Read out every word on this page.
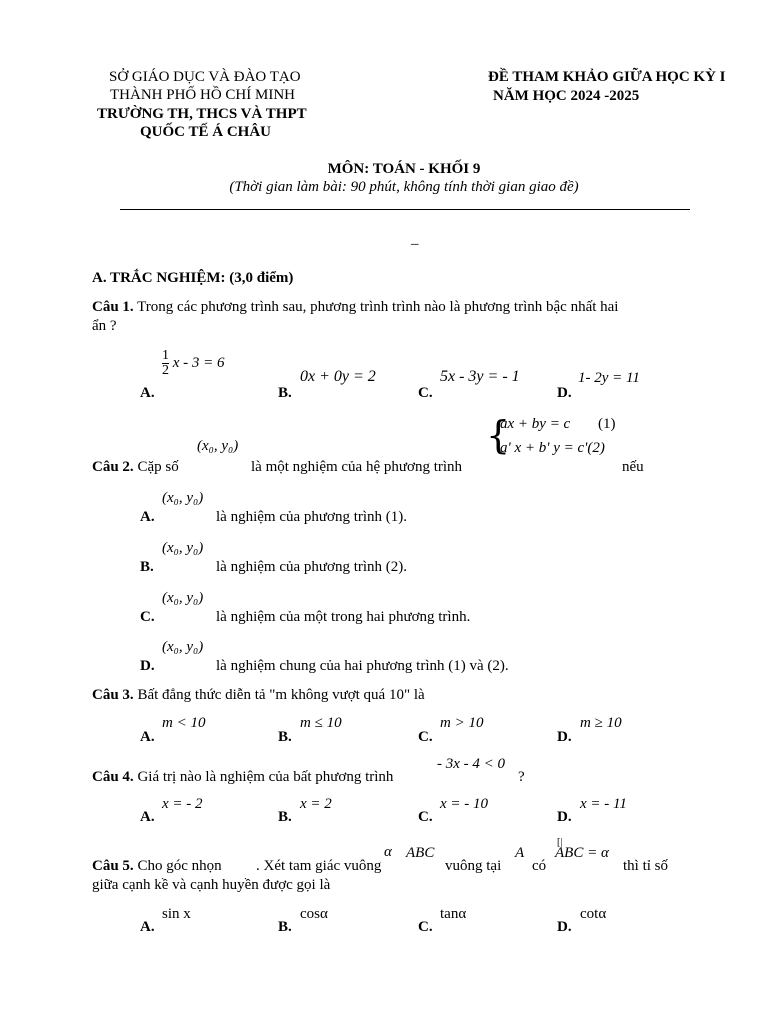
SỞ GIÁO DỤC VÀ ĐÀO TẠO
THÀNH PHỐ HỒ CHÍ MINH
TRƯỜNG TH, THCS VÀ THPT
QUỐC TẾ Á CHÂU
ĐỀ THAM KHẢO GIỮA HỌC KỲ I
NĂM HỌC 2024 -2025
MÔN: TOÁN - KHỐI 9
(Thời gian làm bài: 90 phút, không tính thời gian giao đề)
–
A. TRẮC NGHIỆM: (3,0 điểm)
Câu 1. Trong các phương trình sau, phương trình trình nào là phương trình bậc nhất hai
ẩn ?
$\frac{1}{2}$ x - 3 = 6
A.
0x + 0y = 2
B.
5x - 3y = - 1
C.
1- 2y = 11
D.
(x₀, y₀)	{
ax + by = c (1)
a' x + b' y = c'(2)
Câu 2. Cặp số	là một nghiệm của hệ phương trình	nếu
(x₀, y₀)
A.	là nghiệm của phương trình (1).
(x₀, y₀)
B.	là nghiệm của phương trình (2).
(x₀, y₀)
C.	là nghiệm của một trong hai phương trình.
(x₀, y₀)
D.	là nghiệm chung của hai phương trình (1) và (2).
Câu 3. Bất đẳng thức diễn tả "m không vượt quá 10" là
m < 10
A.
m ≤ 10
B.
m > 10
C.
m ≥ 10
D.
- 3x - 4 < 0
Câu 4. Giá trị nào là nghiệm của bất phương trình	?
x = - 2
A.
x = 2
B.
x = - 10
C.
x = - 11
D.
α ABC	A
[|
ABC = α
Câu 5. Cho góc nhọn . Xét tam giác vuông	vuông tại có	thì tỉ số
giữa cạnh kề và cạnh huyền được gọi là
sin x
A.
cosα
B.
tanα
C.
cotα
D.
